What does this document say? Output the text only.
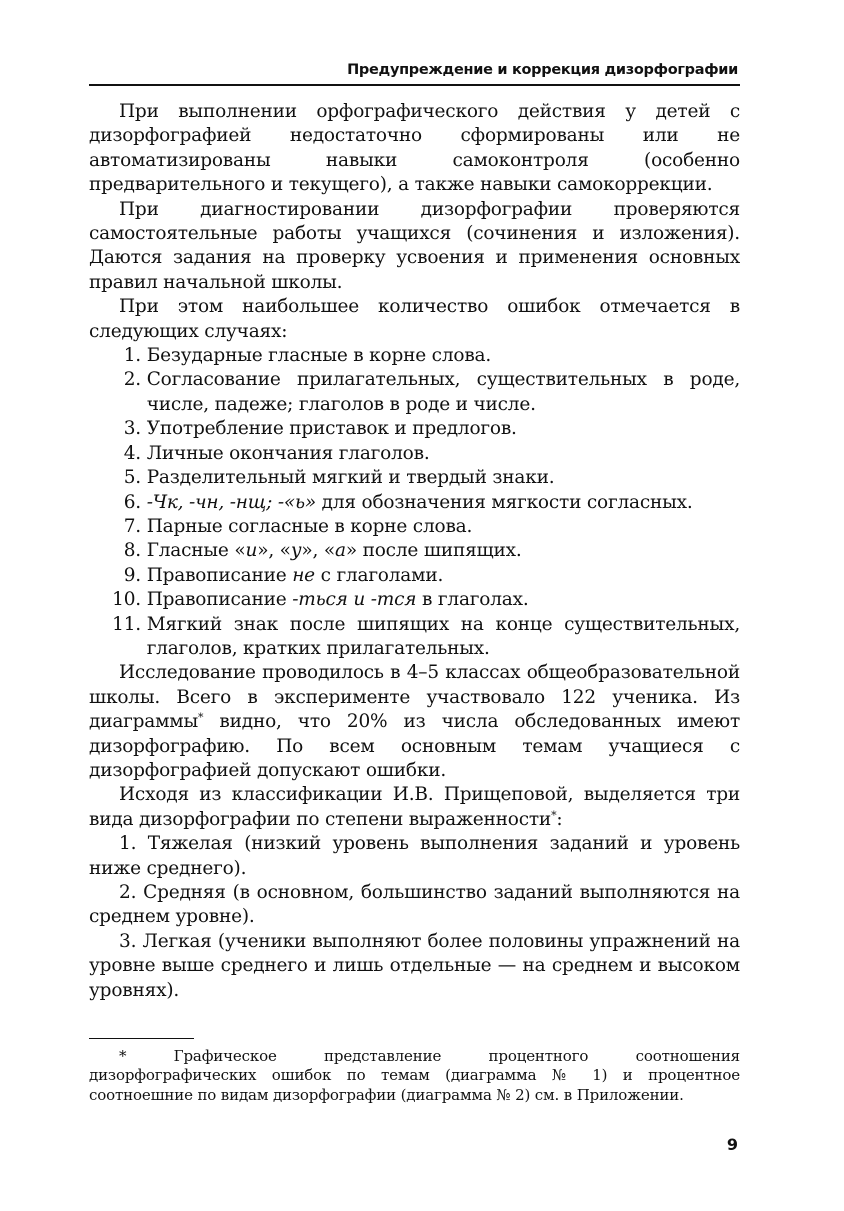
Предупреждение и коррекция дизорфографии

При выполнении орфографического действия у детей с дизорфографией недостаточно сформированы или не автоматизированы навыки самоконтроля (особенно предварительного и текущего), а также навыки самокоррекции.

При диагностировании дизорфографии проверяются самостоятельные работы учащихся (сочинения и изложения). Даются задания на проверку усвоения и применения основных правил начальной школы.

При этом наибольшее количество ошибок отмечается в следующих случаях:

1.
Безударные гласные в корне слова.
2.
Согласование прилагательных, существительных в роде, числе, падеже; глаголов в роде и числе.
3.
Употребление приставок и предлогов.
4.
Личные окончания глаголов.
5.
Разделительный мягкий и твердый знаки.
6.
-Чк, -чн, -нщ; -«ь» для обозначения мягкости согласных.
7.
Парные согласные в корне слова.
8.
Гласные «и», «у», «а» после шипящих.
9.
Правописание не с глаголами.
10.
Правописание -ться и -тся в глаголах.
11.
Мягкий знак после шипящих на конце существительных, глаголов, кратких прилагательных.

Исследование проводилось в 4–5 классах общеобразовательной школы. Всего в эксперименте участвовало 122 ученика. Из диаграммы* видно, что 20% из числа обследованных имеют дизорфографию. По всем основным темам учащиеся с дизорфографией допускают ошибки.

Исходя из классификации И.В. Прищеповой, выделяется три вида дизорфографии по степени выраженности*:

1. Тяжелая (низкий уровень выполнения заданий и уровень ниже среднего).

2. Средняя (в основном, большинство заданий выполняются на среднем уровне).

3. Легкая (ученики выполняют более половины упражнений на уровне выше среднего и лишь отдельные — на среднем и высоком уровнях).

* Графическое представление процентного соотношения дизорфографических ошибок по темам (диаграмма № 1) и процентное соотноешние по видам дизорфографии (диаграмма № 2) см. в Приложении.

9
